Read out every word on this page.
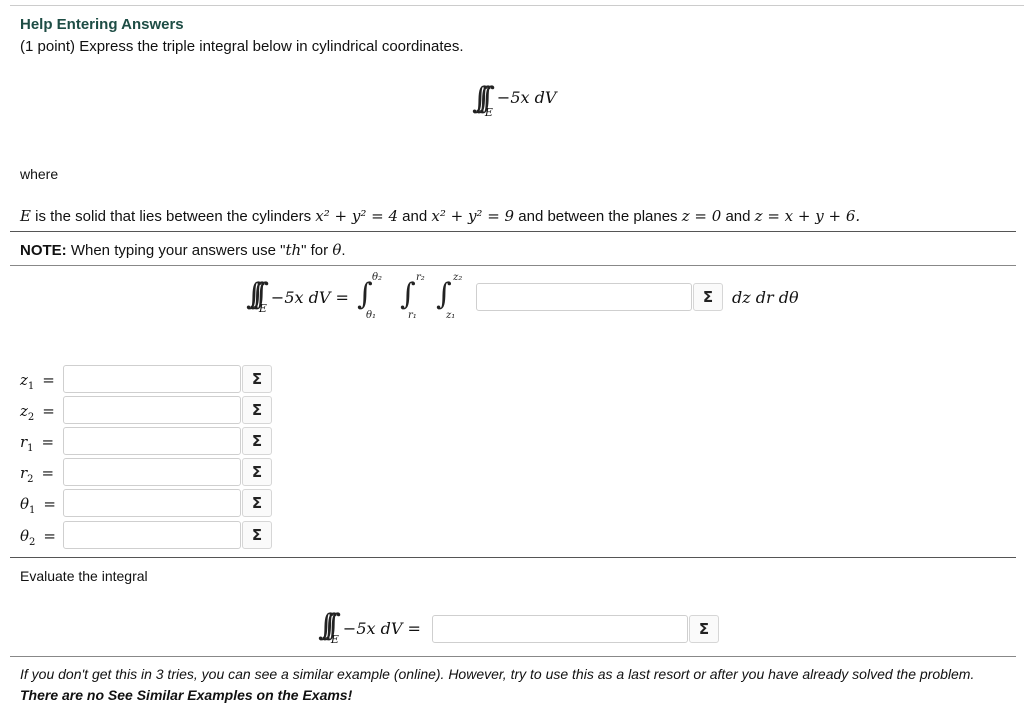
Help Entering Answers
(1 point) Express the triple integral below in cylindrical coordinates.
∫∫∫ E
−5x dV
where
E is the solid that lies between the cylinders x² + y² = 4 and x² + y² = 9 and between the planes z = 0 and z = x + y + 6.
NOTE: When typing your answers use "th" for θ.
∫∫∫ E
−5x dV = ∫ θ₂
θ₁
∫ r₂
r₁
∫ z₂
z₁
Σ	dz dr dθ
$z_1$ =	Σ
$z_2$ =	Σ
$r_1$ =	Σ
$r_2$ =	Σ
$\theta_1$ =	Σ
$\theta_2$ =	Σ
Evaluate the integral
∫∫∫ E
−5x dV =	Σ
If you don't get this in 3 tries, you can see a similar example (online). However, try to use this as a last resort or after you have already solved the problem. There are no See Similar Examples on the Exams!
